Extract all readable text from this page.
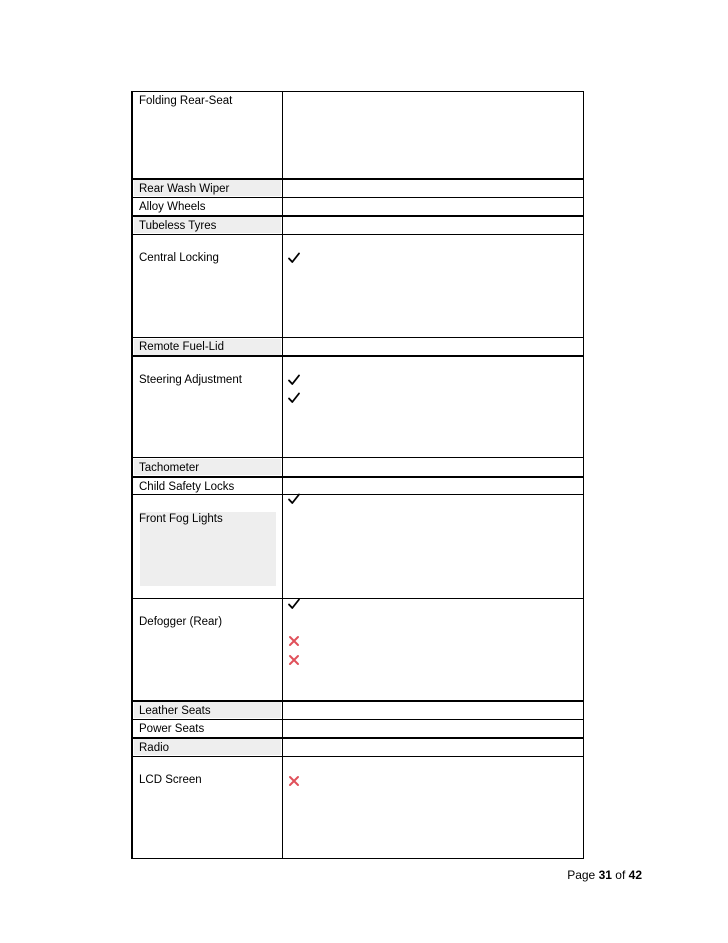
Folding Rear-Seat
Rear Wash Wiper
Alloy Wheels
Tubeless Tyres
Central Locking
Remote Fuel-Lid
Steering Adjustment
Tachometer
Child Safety Locks
Front Fog Lights
Defogger (Rear)
Leather Seats
Power Seats
Radio
LCD Screen
Page 31 of 42
